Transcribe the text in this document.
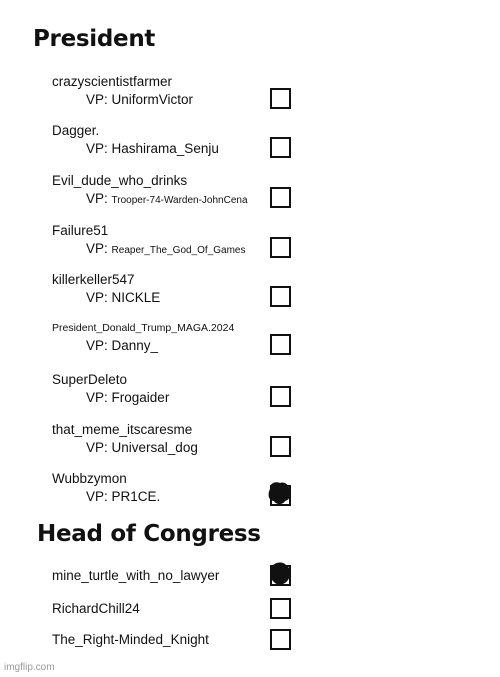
President
crazyscientistfarmer
VP: UniformVictor
Dagger.
VP: Hashirama_Senju
Evil_dude_who_drinks
VP: Trooper-74-Warden-JohnCena
Failure51
VP: Reaper_The_God_Of_Games
killerkeller547
VP: NICKLE
President_Donald_Trump_MAGA.2024
VP: Danny_
SuperDeleto
VP: Frogaider
that_meme_itscaresme
VP: Universal_dog
Wubbzymon
VP: PR1CE.
Head of Congress
mine_turtle_with_no_lawyer
RichardChill24
The_Right-Minded_Knight
imgflip.com
